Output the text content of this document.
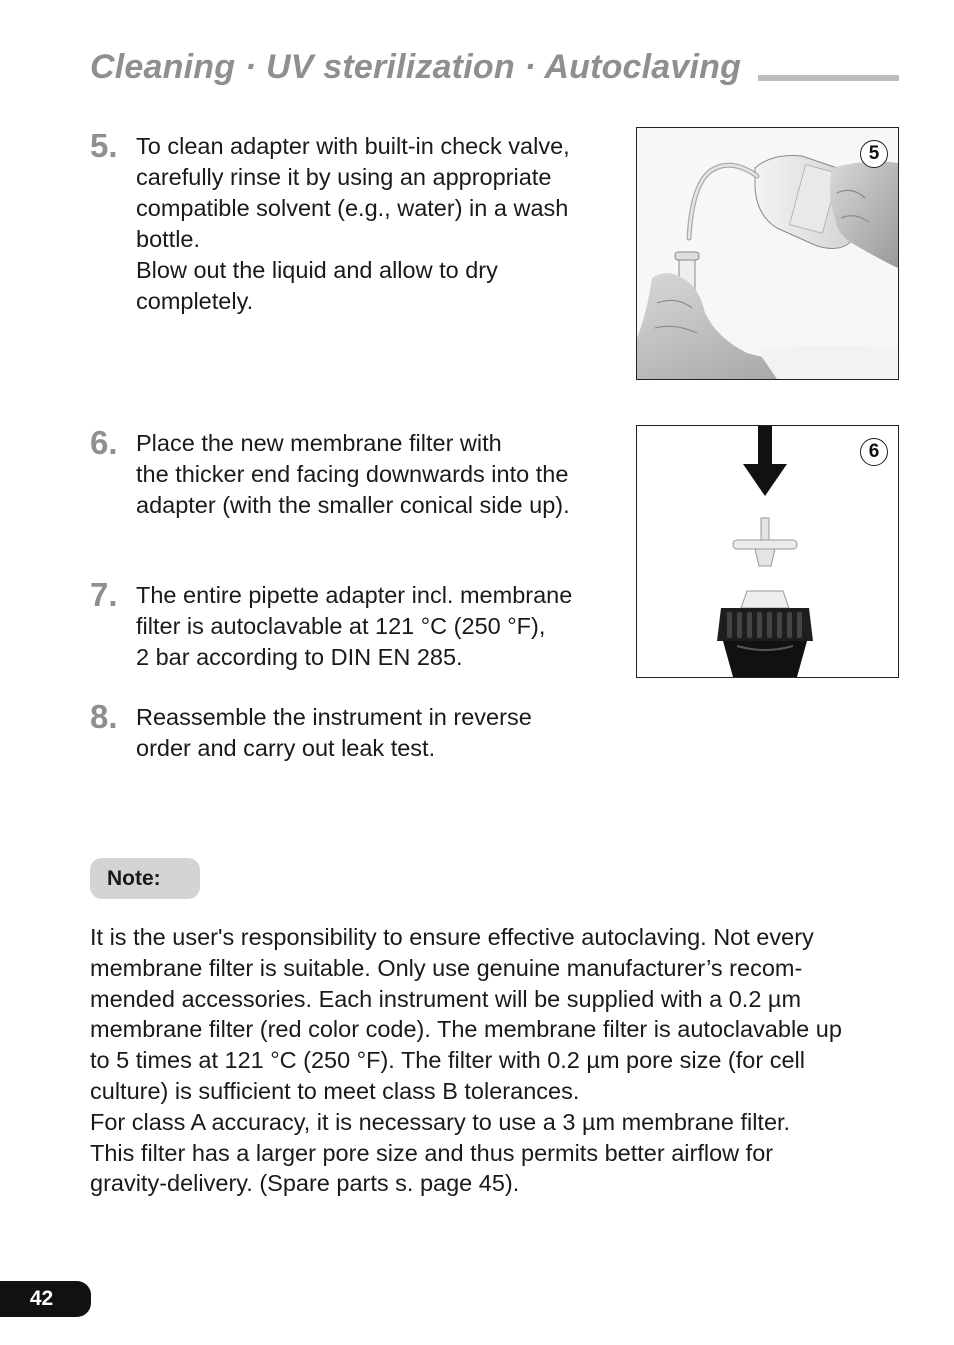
Cleaning · UV sterilization · Autoclaving
5. To clean adapter with built-in check valve,

carefully rinse it by using an appropriate

compatible solvent (e.g., water) in a wash

bottle.

Blow out the liquid and allow to dry

completely.

5
6. Place the new membrane filter with

the thicker end facing downwards into the

adapter (with the smaller conical side up).

6
7. The entire pipette adapter incl. membrane

filter is autoclavable at 121 °C (250 °F),

2 bar according to DIN EN 285.

8. Reassemble the instrument in reverse

order and carry out leak test.

Note:

It is the user's responsibility to ensure effective autoclaving. Not every

membrane filter is suitable. Only use genuine manufacturer’s recom-

mended accessories. Each instrument will be supplied with a 0.2 µm

membrane filter (red color code). The membrane filter is autoclavable up

to 5 times at 121 °C (250 °F). The filter with 0.2 µm pore size (for cell

culture) is sufficient to meet class B tolerances.

For class A accuracy, it is necessary to use a 3 µm membrane filter.

This filter has a larger pore size and thus permits better airflow for

gravity-delivery. (Spare parts s. page 45).

42
